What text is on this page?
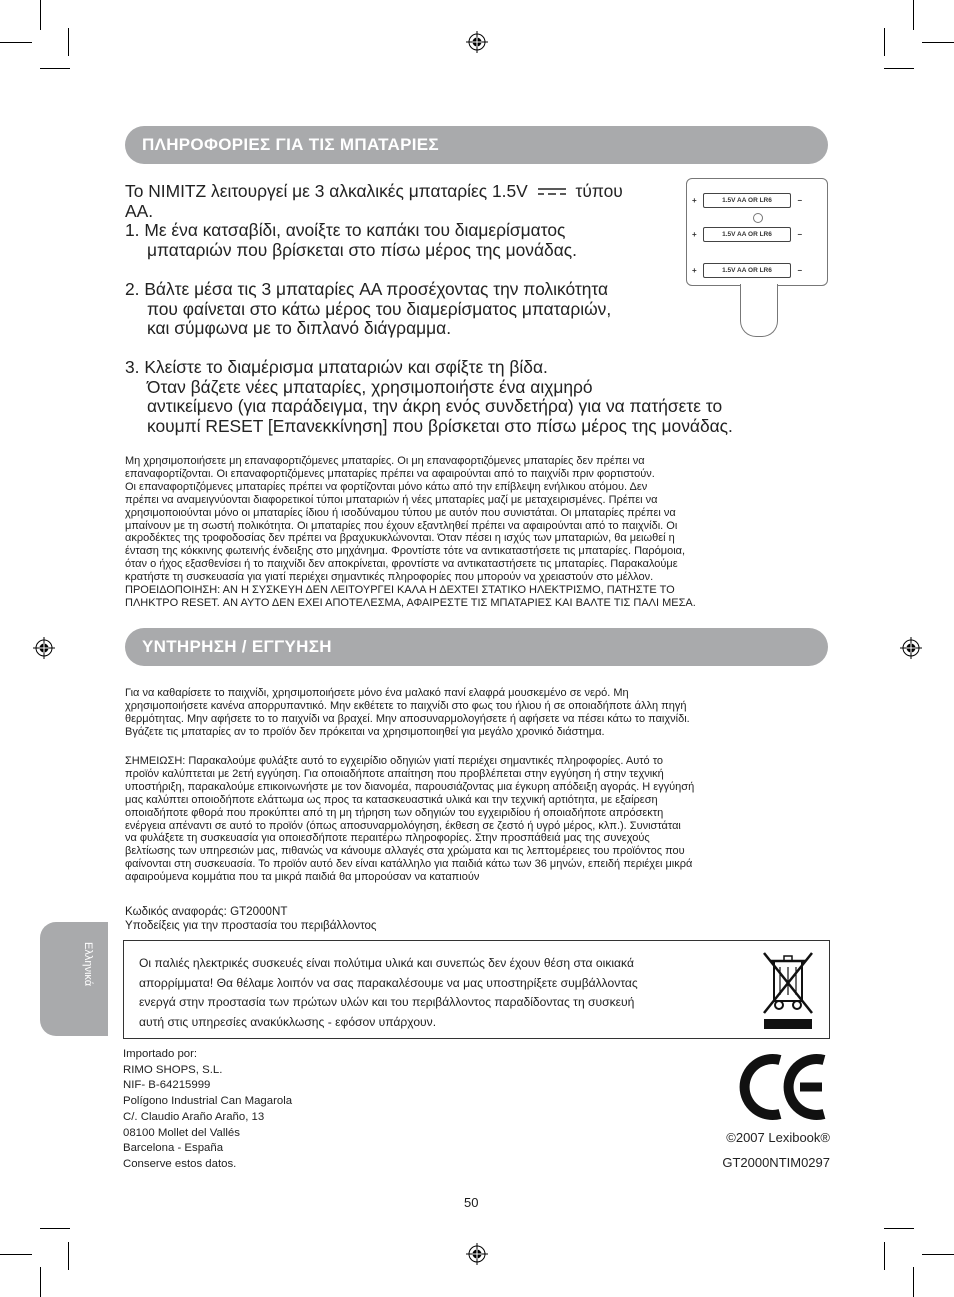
ΠΛΗΡΟΦΟΡΙΕΣ ΓΙΑ ΤΙΣ ΜΠΑΤΑΡΙΕΣ

Το NIMITZ λειτουργεί με 3 αλκαλικές μπαταρίες 1.5V	τύπου

AA.

1. Με ένα κατσαβίδι, ανοίξτε το καπάκι του διαμερίσματος

μπαταριών που βρίσκεται στο πίσω μέρος της μονάδας.

2. Βάλτε μέσα τις 3 μπαταρίες AA προσέχοντας την πολικότητα

που φαίνεται στο κάτω μέρος του διαμερίσματος μπαταριών,

και σύμφωνα με το διπλανό διάγραμμα.

3. Κλείστε το διαμέρισμα μπαταριών και σφίξτε τη βίδα.

Όταν βάζετε νέες μπαταρίες, χρησιμοποιήστε ένα αιχμηρό

αντικείμενο (για παράδειγμα, την άκρη ενός συνδετήρα) για να πατήσετε το

κουμπί RESET [Επανεκκίνηση] που βρίσκεται στο πίσω μέρος της μονάδας.

+ 1.5V AA OR LR6 −
+ 1.5V AA OR LR6 −
+ 1.5V AA OR LR6 −

Μη χρησιμοποιήσετε μη επαναφορτιζόμενες μπαταρίες. Οι μη επαναφορτιζόμενες μπαταρίες δεν πρέπει να

επαναφορτίζονται. Οι επαναφορτιζόμενες μπαταρίες πρέπει να αφαιρούνται από το παιχνίδι πριν φορτιστούν.

Οι επαναφορτιζόμενες μπαταρίες πρέπει να φορτίζονται μόνο κάτω από την επίβλεψη ενήλικου ατόμου. Δεν

πρέπει να αναμειγνύονται διαφορετικοί τύποι μπαταριών ή νέες μπαταρίες μαζί με μεταχειρισμένες. Πρέπει να

χρησιμοποιούνται μόνο οι μπαταρίες ίδιου ή ισοδύναμου τύπου με αυτόν που συνιστάται. Οι μπαταρίες πρέπει να

μπαίνουν με τη σωστή πολικότητα. Οι μπαταρίες που έχουν εξαντληθεί πρέπει να αφαιρούνται από το παιχνίδι. Οι

ακροδέκτες της τροφοδοσίας δεν πρέπει να βραχυκυκλώνονται. Όταν πέσει η ισχύς των μπαταριών, θα μειωθεί η

ένταση της κόκκινης φωτεινής ένδειξης στο μηχάνημα. Φροντίστε τότε να αντικαταστήσετε τις μπαταρίες. Παρόμοια,

όταν ο ήχος εξασθενίσει ή το παιχνίδι δεν αποκρίνεται, φροντίστε να αντικαταστήσετε τις μπαταρίες. Παρακαλούμε

κρατήστε τη συσκευασία για γιατί περιέχει σημαντικές πληροφορίες που μπορούν να χρειαστούν στο μέλλον.

ΠΡΟΕΙΔΟΠΟΙΗΣΗ: ΑΝ Η ΣΥΣΚΕΥΗ ΔΕΝ ΛΕΙΤΟΥΡΓΕΙ ΚΑΛΑ Η ΔΕΧΤΕΙ ΣΤΑΤΙΚΟ ΗΛΕΚΤΡΙΣΜΟ, ΠΑΤΗΣΤΕ ΤΟ

ΠΛΗΚΤΡΟ RESET. ΑΝ ΑΥΤΟ ΔΕΝ ΕΧΕΙ ΑΠΟΤΕΛΕΣΜΑ, ΑΦΑΙΡΕΣΤΕ ΤΙΣ ΜΠΑΤΑΡΙΕΣ ΚΑΙ ΒΑΛΤΕ ΤΙΣ ΠΑΛΙ ΜΕΣΑ.

ΥΝΤΗΡΗΣΗ / ΕΓΓΥΗΣΗ

Για να καθαρίσετε το παιχνίδι, χρησιμοποιήσετε μόνο ένα μαλακό πανί ελαφρά μουσκεμένο σε νερό. Μη

χρησιμοποιήσετε κανένα απορρυπαντικό. Μην εκθέτετε το παιχνίδι στο φως του ήλιου ή σε οποιαδήποτε άλλη πηγή

θερμότητας. Μην αφήσετε το το παιχνίδι να βραχεί. Μην αποσυναρμολογήσετε ή αφήσετε να πέσει κάτω το παιχνίδι.

Βγάζετε τις μπαταρίες αν το προϊόν δεν πρόκειται να χρησιμοποιηθεί για μεγάλο χρονικό διάστημα.

ΣΗΜΕΙΩΣΗ: Παρακαλούμε φυλάξτε αυτό το εγχειρίδιο οδηγιών γιατί περιέχει σημαντικές πληροφορίες. Αυτό το

προϊόν καλύπτεται με 2ετή εγγύηση. Για οποιαδήποτε απαίτηση που προβλέπεται στην εγγύηση ή στην τεχνική

υποστήριξη, παρακαλούμε επικοινωνήστε με τον διανομέα, παρουσιάζοντας μια έγκυρη απόδειξη αγοράς. Η εγγύησή

μας καλύπτει οποιοδήποτε ελάττωμα ως προς τα κατασκευαστικά υλικά και την τεχνική αρτιότητα, με εξαίρεση

οποιαδήποτε φθορά που προκύπτει από τη μη τήρηση των οδηγιών του εγχειριδίου ή οποιαδήποτε απρόσεκτη

ενέργεια απέναντι σε αυτό το προϊόν (όπως αποσυναρμολόγηση, έκθεση σε ζεστό ή υγρό μέρος, κλπ.). Συνιστάται

να φυλάξετε τη συσκευασία για οποιεσδήποτε περαιτέρω πληροφορίες. Στην προσπάθειά μας της συνεχούς

βελτίωσης των υπηρεσιών μας, πιθανώς να κάνουμε αλλαγές στα χρώματα και τις λεπτομέρειες του προϊόντος που

φαίνονται στη συσκευασία. Το προϊόν αυτό δεν είναι κατάλληλο για παιδιά κάτω των 36 μηνών, επειδή περιέχει μικρά

αφαιρούμενα κομμάτια που τα μικρά παιδιά θα μπορούσαν να καταπιούν

Κωδικός αναφοράς: GT2000NT

Υποδείξεις για την προστασία του περιβάλλοντος

Ελληνικά	Οι παλιές ηλεκτρικές συσκευές είναι πολύτιμα υλικά και συνεπώς δεν έχουν θέση στα οικιακά
απορρίμματα! Θα θέλαμε λοιπόν να σας παρακαλέσουμε να μας υποστηρίξετε συμβάλλοντας
ενεργά στην προστασία των πρώτων υλών και του περιβάλλοντος παραδίδοντας τη συσκευή
αυτή στις υπηρεσίες ανακύκλωσης - εφόσον υπάρχουν.
Importado por:
RIMO SHOPS, S.L.
NIF- B-64215999
Polígono Industrial Can Magarola
C/. Claudio Araño Araño, 13
08100 Mollet del Vallés
Barcelona - España
Conserve estos datos.
©2007 Lexibook®
GT2000NTIM0297
50
